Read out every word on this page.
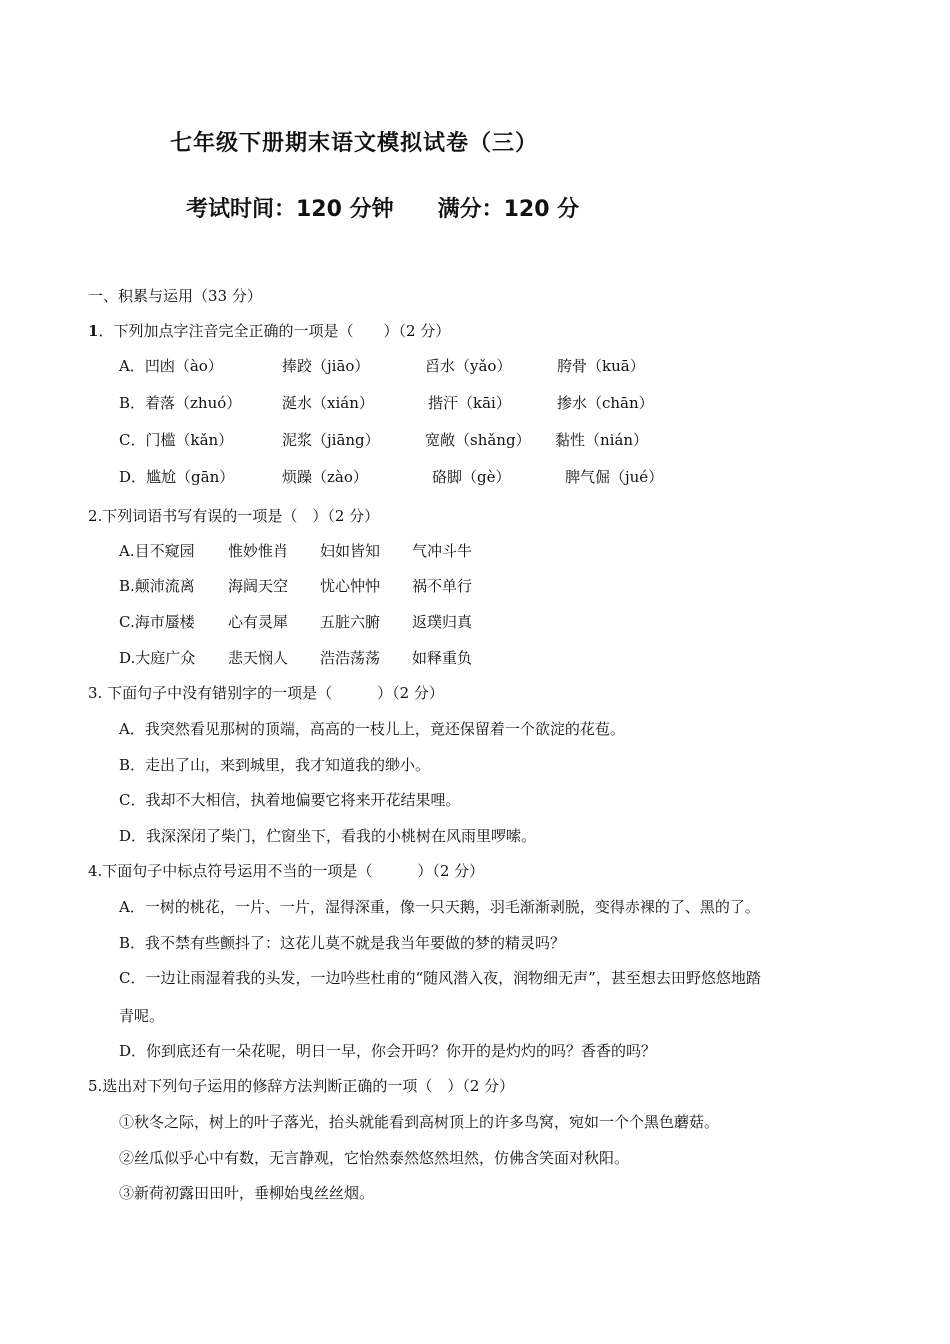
七年级下册期末语文模拟试卷（三）
考试时间：120 分钟 满分：120 分
一、积累与运用（33 分）
1．下列加点字注音完全正确的一项是（　　）（2 分）
A．凹凼（ào）	捧跤（jiāo）	舀水（yǎo）	胯骨（kuā）
B．着落（zhuó）	涎水（xián）	揩汗（kāi）	掺水（chān）
C．门槛（kǎn）	泥浆（jiāng）	宽敞（shǎng） 黏性（nián）
D．尴尬（gān）	烦躁（zào）	硌脚（gè）	脾气倔（jué）
2.下列词语书写有误的一项是（　）（2 分）
A.目不窥园 惟妙惟肖 妇如皆知 气冲斗牛
B.颠沛流离 海阔天空 忧心忡忡 祸不单行
C.海市蜃楼 心有灵犀 五脏六腑 返璞归真
D.大庭广众 悲天悯人 浩浩荡荡 如释重负
3. 下面句子中没有错别字的一项是（　　　）（2 分）
A．我突然看见那树的顶端，高高的一枝儿上，竟还保留着一个欲淀的花苞。
B．走出了山，来到城里，我才知道我的缈小。
C．我却不大相信，执着地偏要它将来开花结果哩。
D．我深深闭了柴门，伫窗坐下，看我的小桃树在风雨里啰嗦。
4.下面句子中标点符号运用不当的一项是（　　　）（2 分）
A．一树的桃花，一片、一片，湿得深重，像一只天鹅，羽毛渐渐剥脱，变得赤裸的了、黑的了。
B．我不禁有些颤抖了：这花儿莫不就是我当年要做的梦的精灵吗？
C．一边让雨湿着我的头发，一边吟些杜甫的“随风潜入夜，润物细无声”，甚至想去田野悠悠地踏
青呢。
D．你到底还有一朵花呢，明日一早，你会开吗？你开的是灼灼的吗？香香的吗？
5.选出对下列句子运用的修辞方法判断正确的一项（　）（2 分）
①秋冬之际，树上的叶子落光，抬头就能看到高树顶上的许多鸟窝，宛如一个个黑色蘑菇。
②丝瓜似乎心中有数，无言静观，它怡然泰然悠然坦然，仿佛含笑面对秋阳。
③新荷初露田田叶，垂柳始曳丝丝烟。
